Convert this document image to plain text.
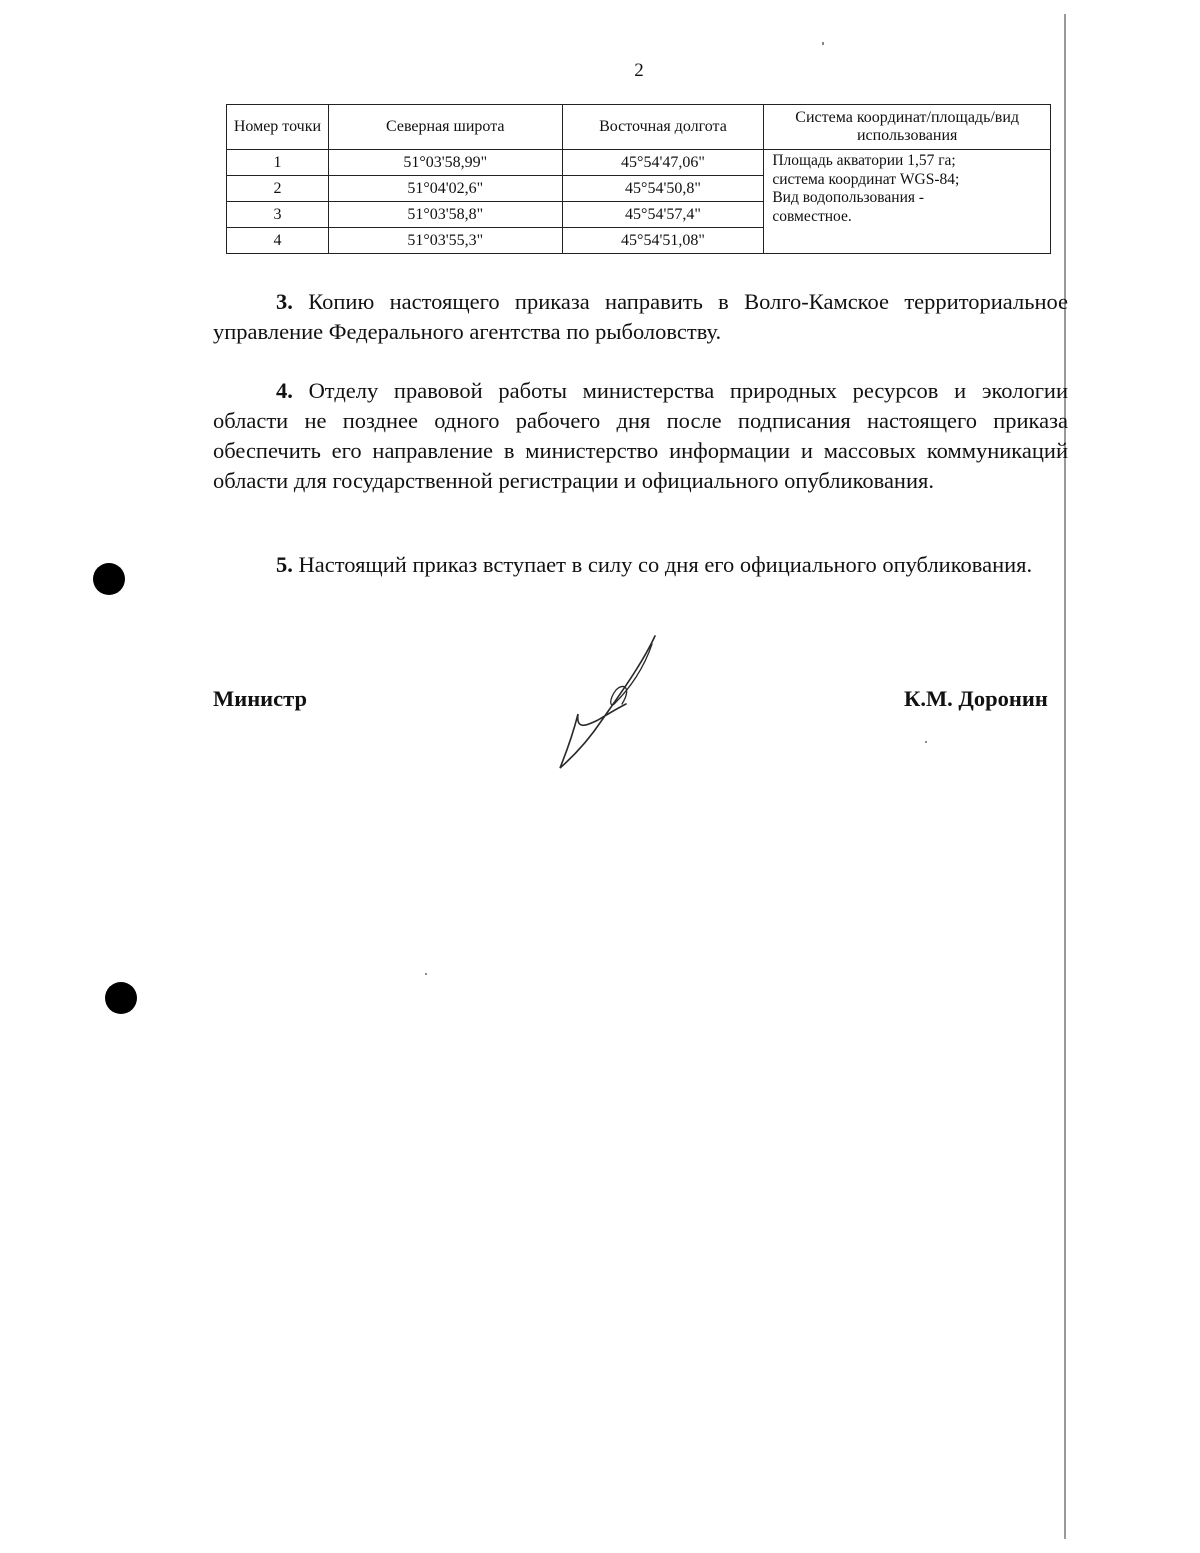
2
Номер точки	Северная широта	Восточная долгота	Система координат/площадь/вид использования
1	51°03'58,99"	45°54'47,06"	Площадь акватории 1,57 га;
система координат WGS-84;
Вид водопользования -
совместное.

2	51°04'02,6"	45°54'50,8"	
3	51°03'58,8"	45°54'57,4"	
4	51°03'55,3"	45°54'51,08"	

3. Копию настоящего приказа направить в Волго-Камское территориальное управление Федерального агентства по рыболовству.

4. Отделу правовой работы министерства природных ресурсов и экологии области не позднее одного рабочего дня после подписания настоящего приказа обеспечить его направление в министерство информации и массовых коммуникаций области для государственной регистрации и официального опубликования.

5. Настоящий приказ вступает в силу со дня его официального опубликования.

Министр	К.М. Доронин
